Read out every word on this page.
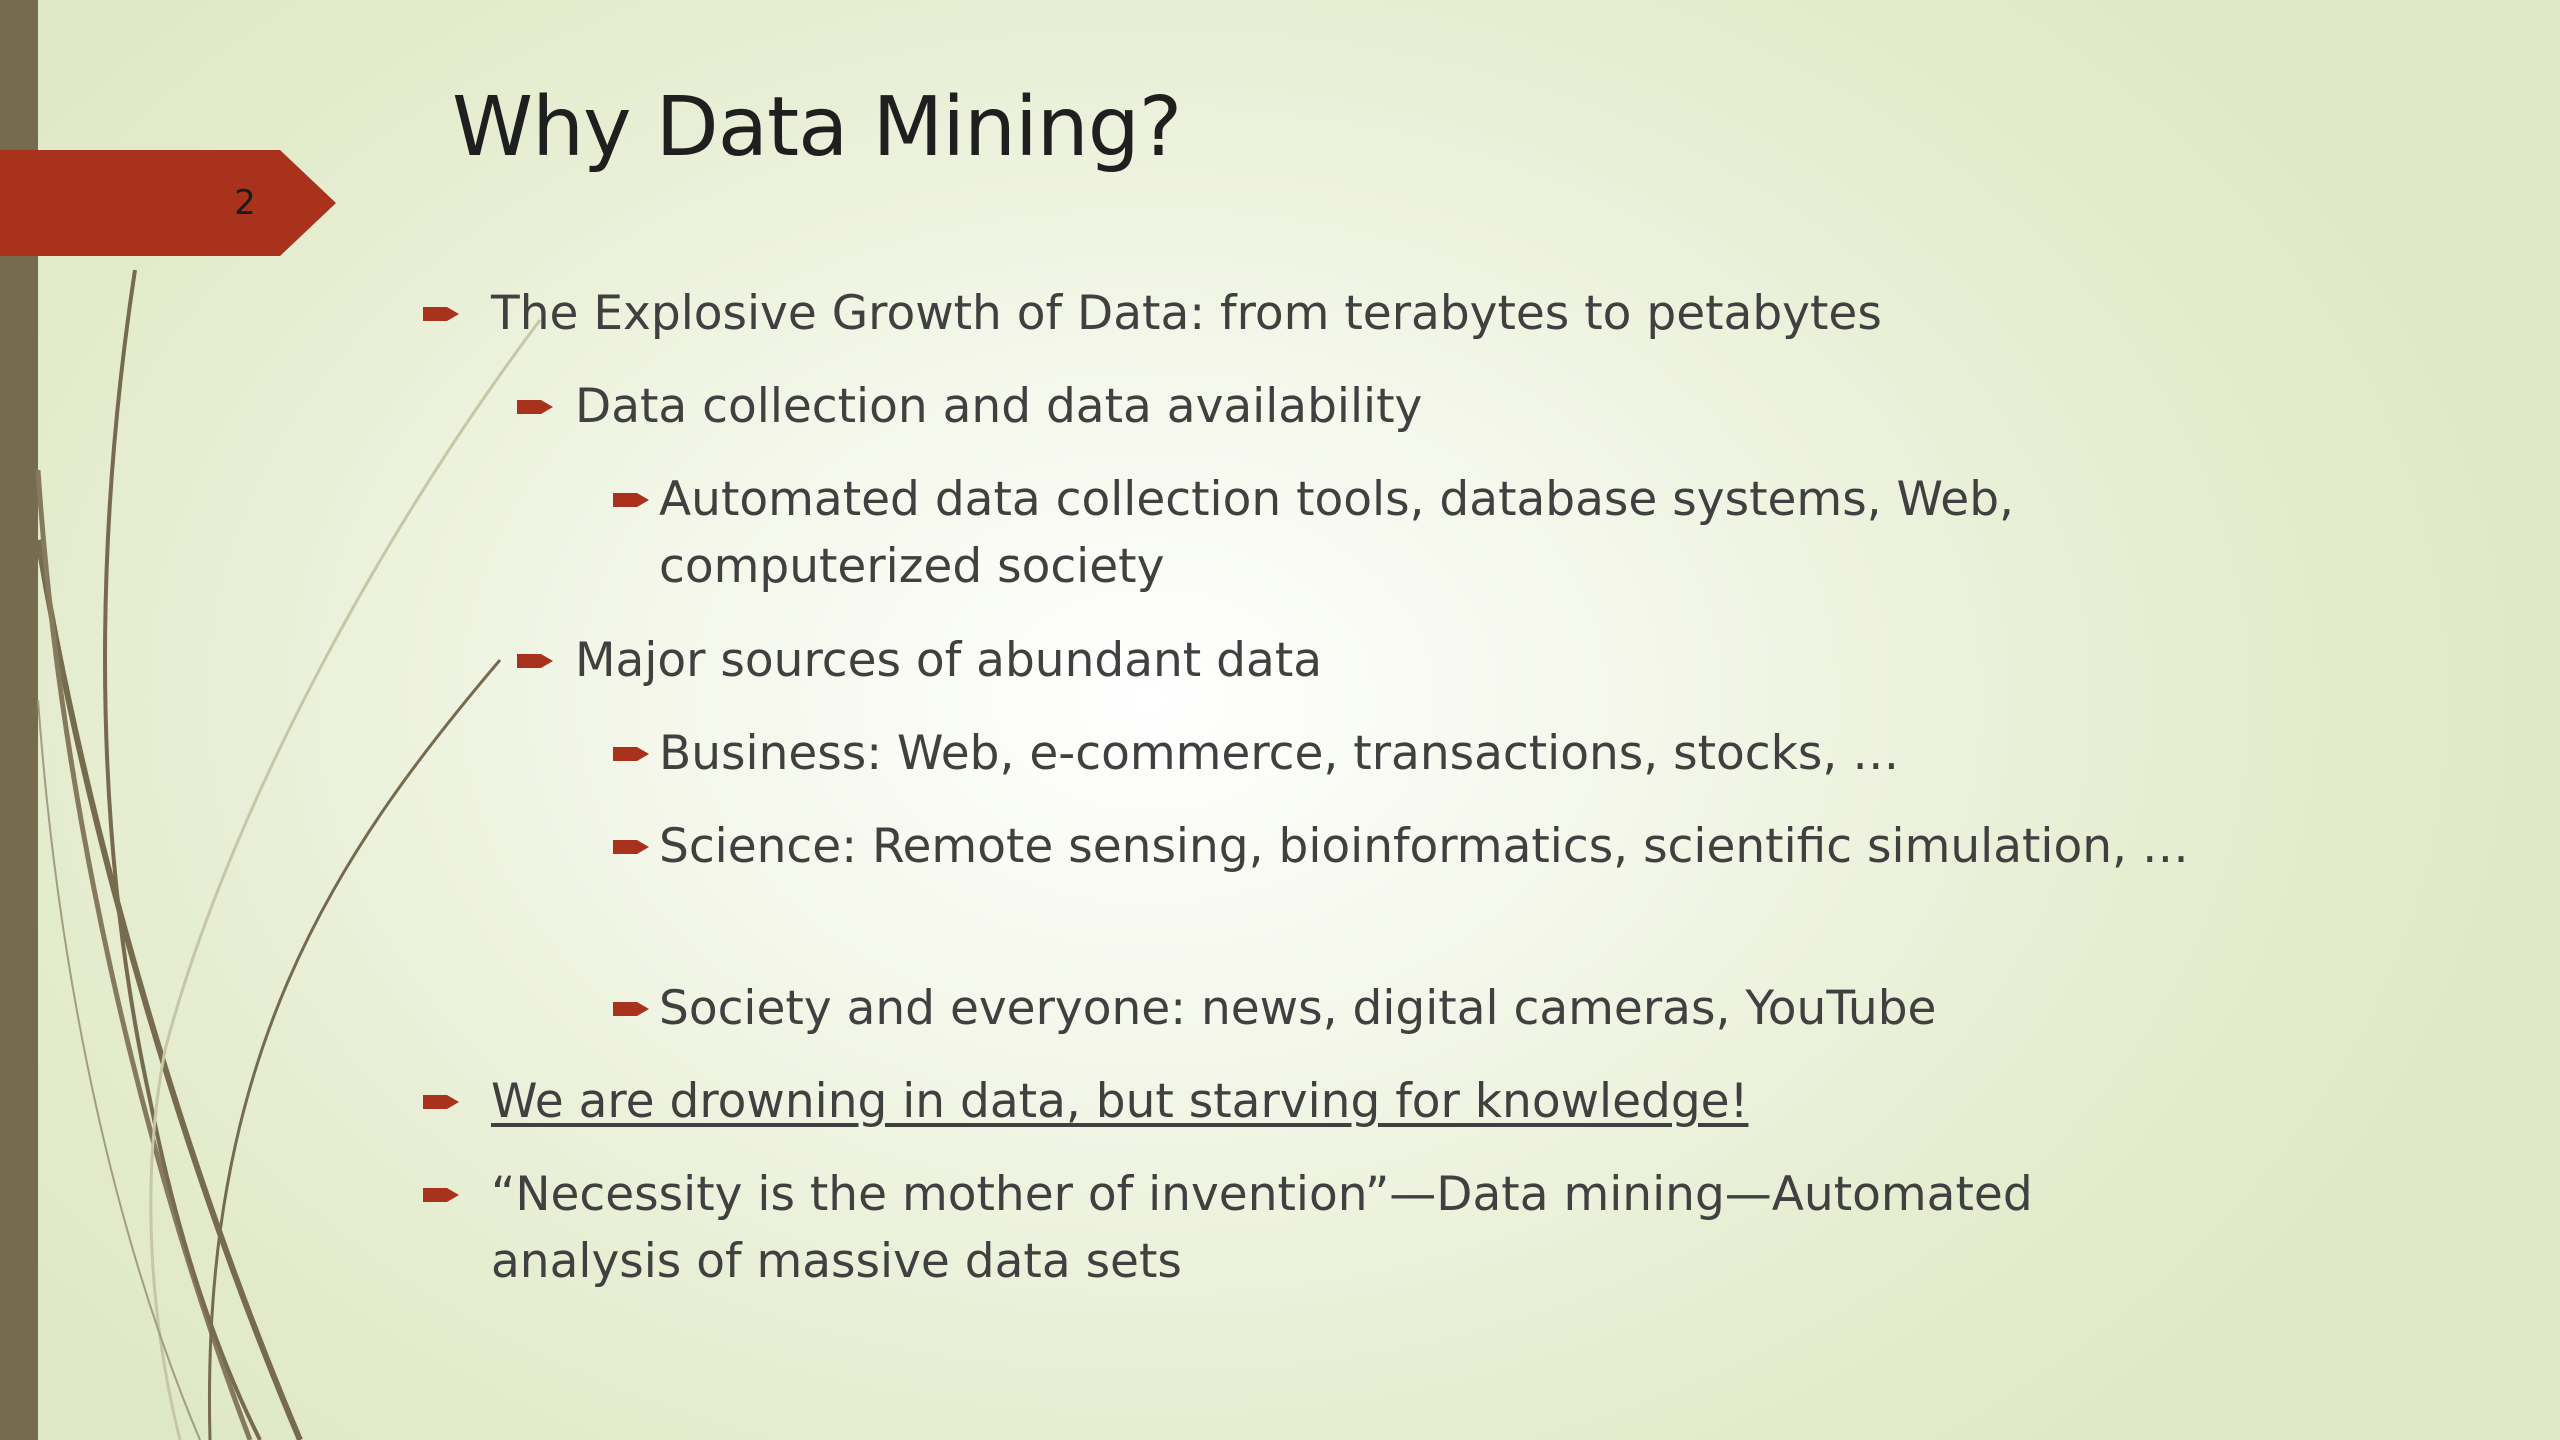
2
Why Data Mining?
The Explosive Growth of Data: from terabytes to petabytes
Data collection and data availability
Automated data collection tools, database systems, Web, computerized society
Major sources of abundant data
Business: Web, e-commerce, transactions, stocks, …
Science: Remote sensing, bioinformatics, scientific simulation, …
Society and everyone: news, digital cameras, YouTube
We are drowning in data, but starving for knowledge!
“Necessity is the mother of invention”—Data mining—Automated analysis of massive data sets
